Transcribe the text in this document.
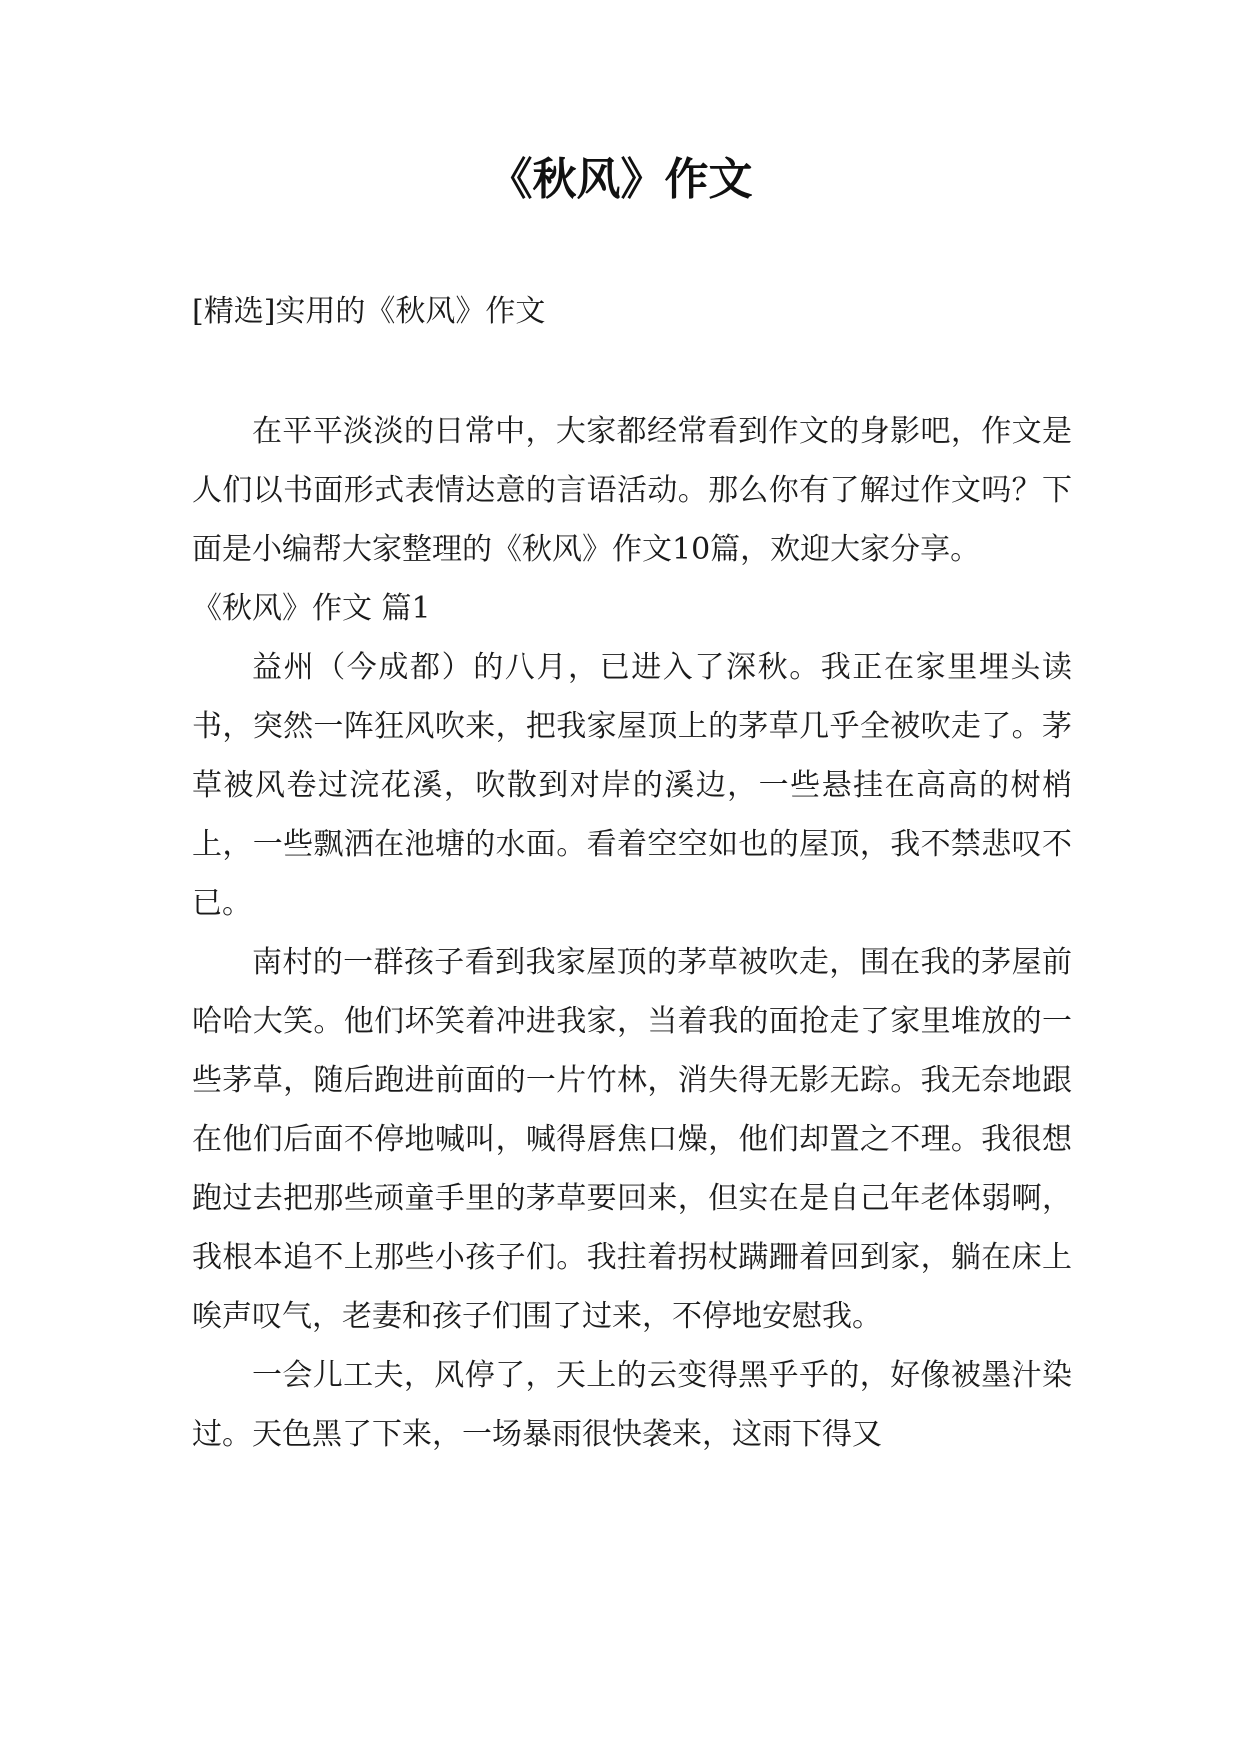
《秋风》作文

[精选]实用的《秋风》作文

在平平淡淡的日常中，大家都经常看到作文的身影吧，作文是人们以书面形式表情达意的言语活动。那么你有了解过作文吗？下面是小编帮大家整理的《秋风》作文10篇，欢迎大家分享。

《秋风》作文 篇1

益州（今成都）的八月，已进入了深秋。我正在家里埋头读书，突然一阵狂风吹来，把我家屋顶上的茅草几乎全被吹走了。茅草被风卷过浣花溪，吹散到对岸的溪边，一些悬挂在高高的树梢上，一些飘洒在池塘的水面。看着空空如也的屋顶，我不禁悲叹不已。

南村的一群孩子看到我家屋顶的茅草被吹走，围在我的茅屋前哈哈大笑。他们坏笑着冲进我家，当着我的面抢走了家里堆放的一些茅草，随后跑进前面的一片竹林，消失得无影无踪。我无奈地跟在他们后面不停地喊叫，喊得唇焦口燥，他们却置之不理。我很想跑过去把那些顽童手里的茅草要回来，但实在是自己年老体弱啊，我根本追不上那些小孩子们。我拄着拐杖蹒跚着回到家，躺在床上唉声叹气，老妻和孩子们围了过来，不停地安慰我。

一会儿工夫，风停了，天上的云变得黑乎乎的，好像被墨汁染过。天色黑了下来，一场暴雨很快袭来，这雨下得又
